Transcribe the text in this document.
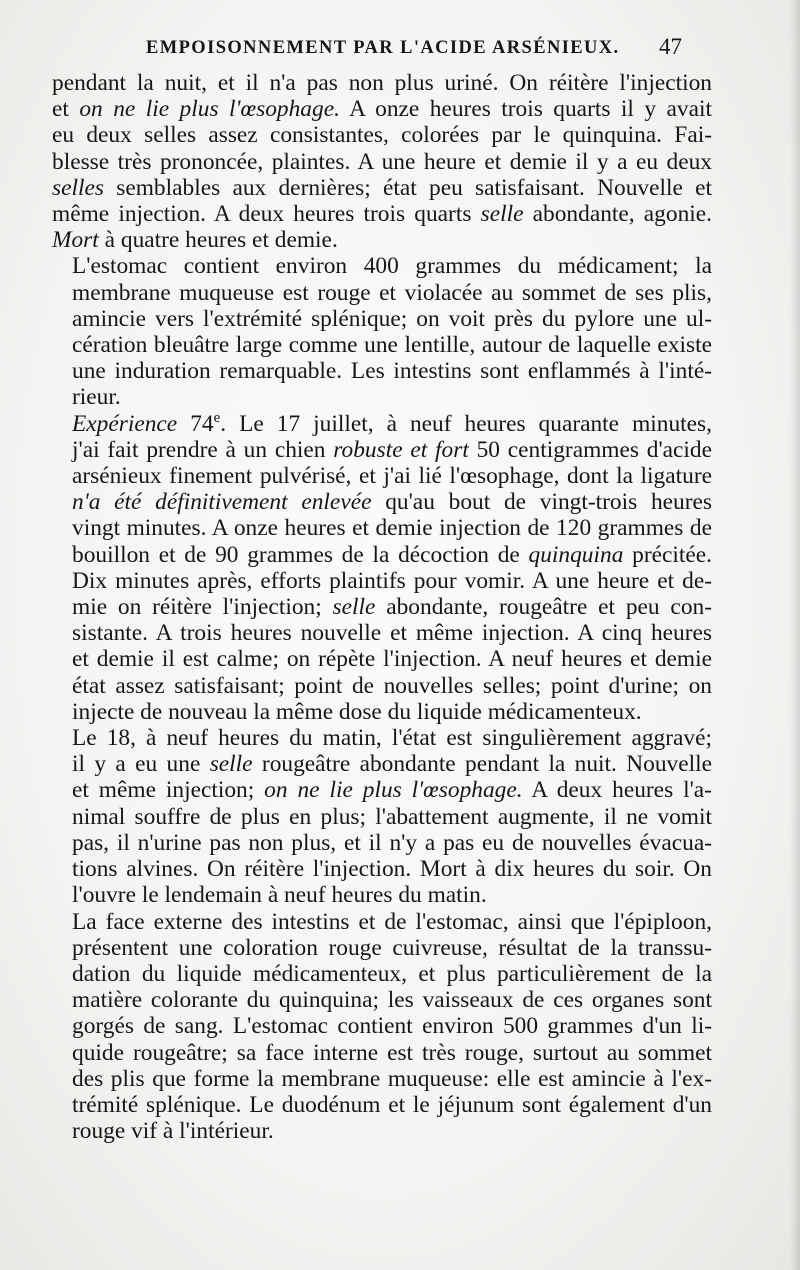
EMPOISONNEMENT PAR L'ACIDE ARSÉNIEUX. 47
pendant la nuit, et il n'a pas non plus uriné. On réitère l'injection
et on ne lie plus l'œsophage. A onze heures trois quarts il y avait
eu deux selles assez consistantes, colorées par le quinquina. Fai-
blesse très prononcée, plaintes. A une heure et demie il y a eu deux
selles semblables aux dernières; état peu satisfaisant. Nouvelle et
même injection. A deux heures trois quarts selle abondante, agonie.
Mort à quatre heures et demie.
L'estomac contient environ 400 grammes du médicament; la
membrane muqueuse est rouge et violacée au sommet de ses plis,
amincie vers l'extrémité splénique; on voit près du pylore une ul-
cération bleuâtre large comme une lentille, autour de laquelle existe
une induration remarquable. Les intestins sont enflammés à l'inté-
rieur.
Expérience 74e. Le 17 juillet, à neuf heures quarante minutes,
j'ai fait prendre à un chien robuste et fort 50 centigrammes d'acide
arsénieux finement pulvérisé, et j'ai lié l'œsophage, dont la ligature
n'a été définitivement enlevée qu'au bout de vingt-trois heures
vingt minutes. A onze heures et demie injection de 120 grammes de
bouillon et de 90 grammes de la décoction de quinquina précitée.
Dix minutes après, efforts plaintifs pour vomir. A une heure et de-
mie on réitère l'injection; selle abondante, rougeâtre et peu con-
sistante. A trois heures nouvelle et même injection. A cinq heures
et demie il est calme; on répète l'injection. A neuf heures et demie
état assez satisfaisant; point de nouvelles selles; point d'urine; on
injecte de nouveau la même dose du liquide médicamenteux.
Le 18, à neuf heures du matin, l'état est singulièrement aggravé;
il y a eu une selle rougeâtre abondante pendant la nuit. Nouvelle
et même injection; on ne lie plus l'œsophage. A deux heures l'a-
nimal souffre de plus en plus; l'abattement augmente, il ne vomit
pas, il n'urine pas non plus, et il n'y a pas eu de nouvelles évacua-
tions alvines. On réitère l'injection. Mort à dix heures du soir. On
l'ouvre le lendemain à neuf heures du matin.
La face externe des intestins et de l'estomac, ainsi que l'épiploon,
présentent une coloration rouge cuivreuse, résultat de la transsu-
dation du liquide médicamenteux, et plus particulièrement de la
matière colorante du quinquina; les vaisseaux de ces organes sont
gorgés de sang. L'estomac contient environ 500 grammes d'un li-
quide rougeâtre; sa face interne est très rouge, surtout au sommet
des plis que forme la membrane muqueuse: elle est amincie à l'ex-
trémité splénique. Le duodénum et le jéjunum sont également d'un
rouge vif à l'intérieur.
